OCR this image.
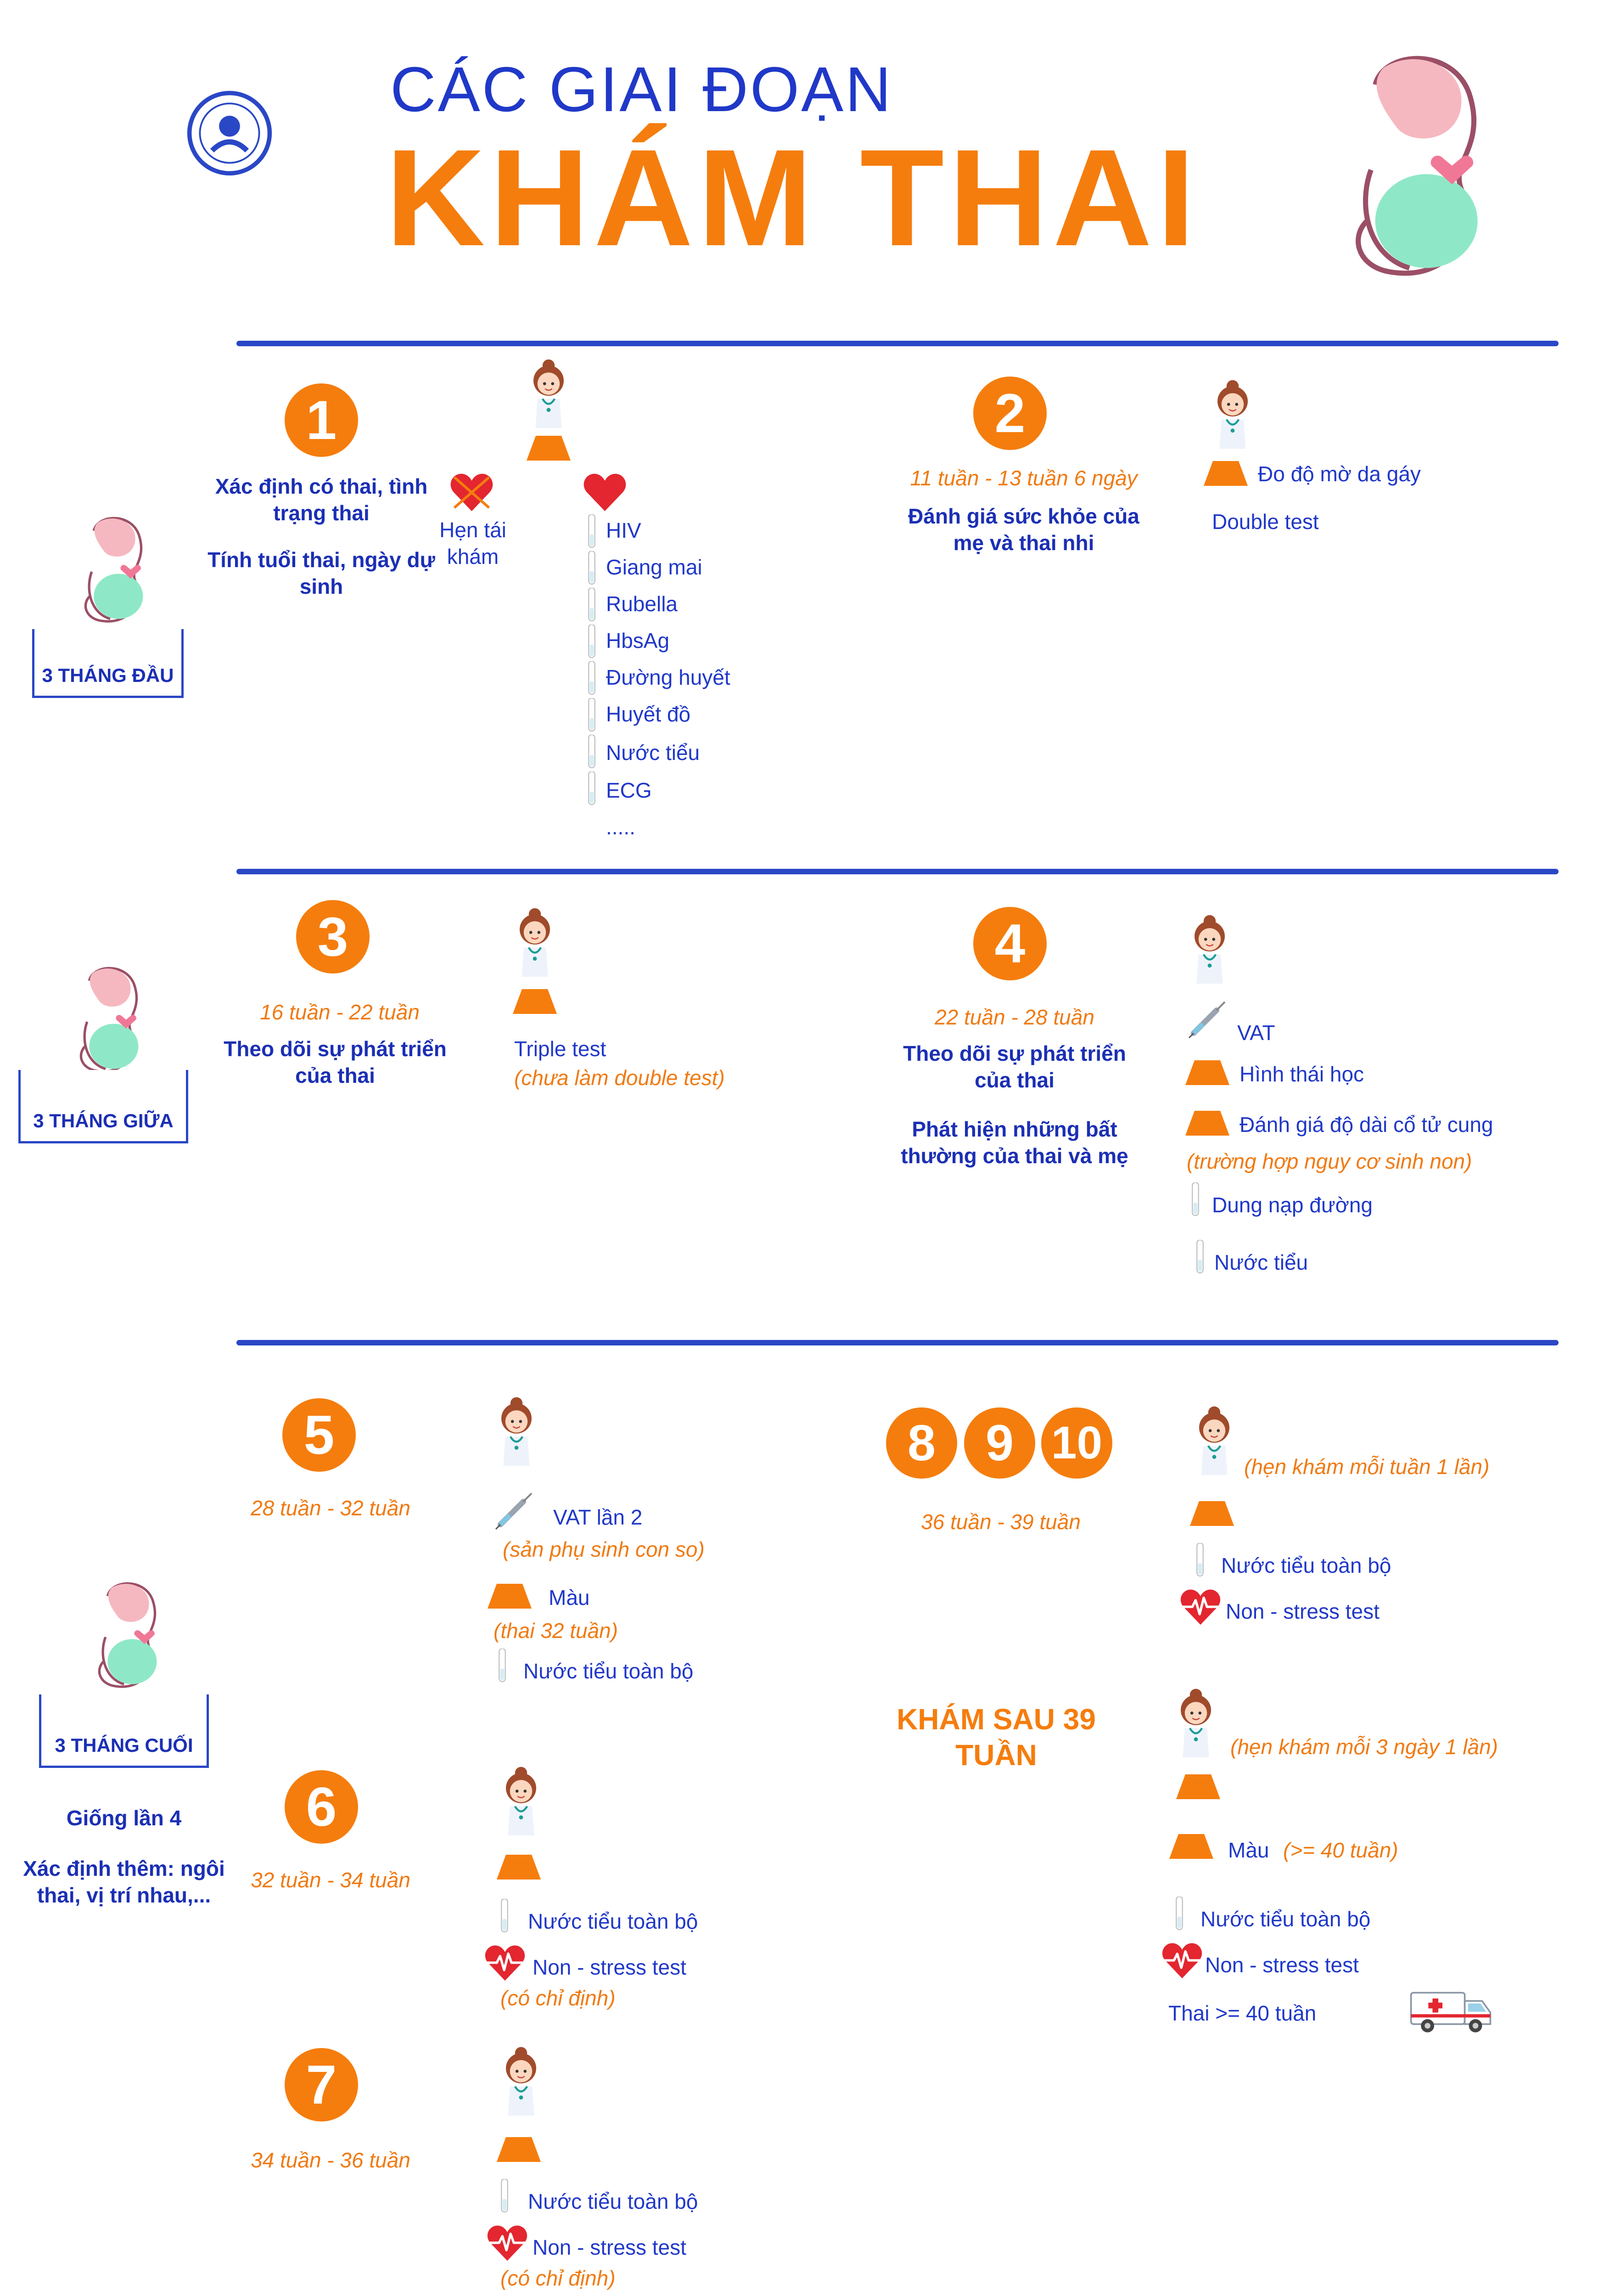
CÁC GIAI ĐOẠN
KHÁM THAI
3 THÁNG ĐẦU
3 THÁNG GIỮA
3 THÁNG CUỐI
1
Xác định có thai, tình trạng thai
Tính tuổi thai, ngày dự sinh
Hẹn tái khám
HIV
Giang mai
Rubella
HbsAg
Đường huyết
Huyết đồ
Nước tiểu
ECG
.....
2
11 tuần - 13 tuần 6 ngày
Đánh giá sức khỏe của mẹ và thai nhi
Đo độ mờ da gáy
Double test
3
16 tuần - 22 tuần
Theo dõi sự phát triển của thai
Triple test
(chưa làm double test)
4
22 tuần - 28 tuần
Theo dõi sự phát triển của thai
Phát hiện những bất thường của thai và mẹ
VAT
Hình thái học
Đánh giá độ dài cổ tử cung
(trường hợp nguy cơ sinh non)
Dung nạp đường
Nước tiểu
5
28 tuần - 32 tuần	VAT lần 2
(sản phụ sinh con so)
Màu
(thai 32 tuần)
Nước tiểu toàn bộ
Giống lần 4
Xác định thêm: ngôi thai, vị trí nhau,...
6
32 tuần - 34 tuần
Nước tiểu toàn bộ
Non - stress test
(có chỉ định)
7
34 tuần - 36 tuần
Nước tiểu toàn bộ
Non - stress test
(có chỉ định)
8 9 10
36 tuần - 39 tuần
(hẹn khám mỗi tuần 1 lần)
Nước tiểu toàn bộ
Non - stress test
KHÁM SAU 39 TUẦN	(hẹn khám mỗi 3 ngày 1 lần)
Màu (>= 40 tuần)
Nước tiểu toàn bộ
Non - stress test
Thai >= 40 tuần
